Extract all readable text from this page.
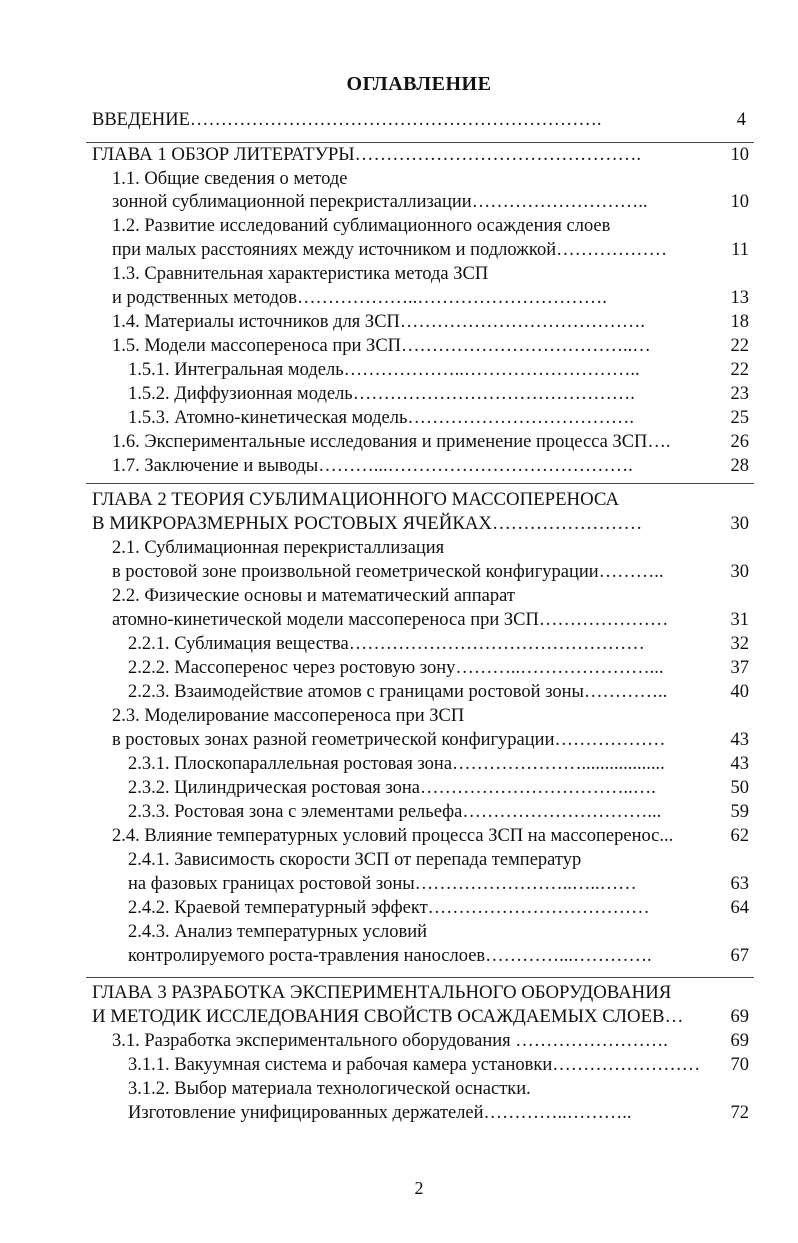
ОГЛАВЛЕНИЕ
ВВЕДЕНИЕ………………………………………………………….	4
ГЛАВА 1 ОБЗОР ЛИТЕРАТУРЫ……………………………………….	10
1.1. Общие сведения о методе
зонной сублимационной перекристаллизации………………………..	10
1.2. Развитие исследований сублимационного осаждения слоев
при малых расстояниях между источником и подложкой………………	11
1.3. Сравнительная характеристика метода ЗСП
и родственных методов………………..………………………….	13
1.4. Материалы источников для ЗСП………………………………….	18
1.5. Модели массопереноса при ЗСП………………………………..…	22
1.5.1. Интегральная модель………………..………………………..	22
1.5.2. Диффузионная модель……………………………………….	23
1.5.3. Атомно-кинетическая модель……………………………….	25
1.6. Экспериментальные исследования и применение процесса ЗСП….	26
1.7. Заключение и выводы………...………………………………….	28
ГЛАВА 2 ТЕОРИЯ СУБЛИМАЦИОННОГО МАССОПЕРЕНОСА
В МИКРОРАЗМЕРНЫХ РОСТОВЫХ ЯЧЕЙКАХ……………………	30
2.1. Сублимационная перекристаллизация
в ростовой зоне произвольной геометрической конфигурации………..	30
2.2. Физические основы и математический аппарат
атомно-кинетической модели массопереноса при ЗСП…………………	31
2.2.1. Сублимация вещества…………………………………………	32
2.2.2. Массоперенос через ростовую зону………..…………………...	37
2.2.3. Взаимодействие атомов с границами ростовой зоны…………..	40
2.3. Моделирование массопереноса при ЗСП
в ростовых зонах разной геометрической конфигурации………………	43
2.3.1. Плоскопараллельная ростовая зона…………………..................	43
2.3.2. Цилиндрическая ростовая зона……………………………..….	50
2.3.3. Ростовая зона с элементами рельефа…………………………...	59
2.4. Влияние температурных условий процесса ЗСП на массоперенос...	62
2.4.1. Зависимость скорости ЗСП от перепада температур
на фазовых границах ростовой зоны……………………..…..……	63
2.4.2. Краевой температурный эффект………………………………	64
2.4.3. Анализ температурных условий
контролируемого роста-травления нанослоев…………...………….	67
ГЛАВА 3 РАЗРАБОТКА ЭКСПЕРИМЕНТАЛЬНОГО ОБОРУДОВАНИЯ
И МЕТОДИК ИССЛЕДОВАНИЯ СВОЙСТВ ОСАЖДАЕМЫХ СЛОЕВ…	69
3.1. Разработка экспериментального оборудования …………………….	69
3.1.1. Вакуумная система и рабочая камера установки……………………	70
3.1.2. Выбор материала технологической оснастки.
Изготовление унифицированных держателей…………..………..	72
2
